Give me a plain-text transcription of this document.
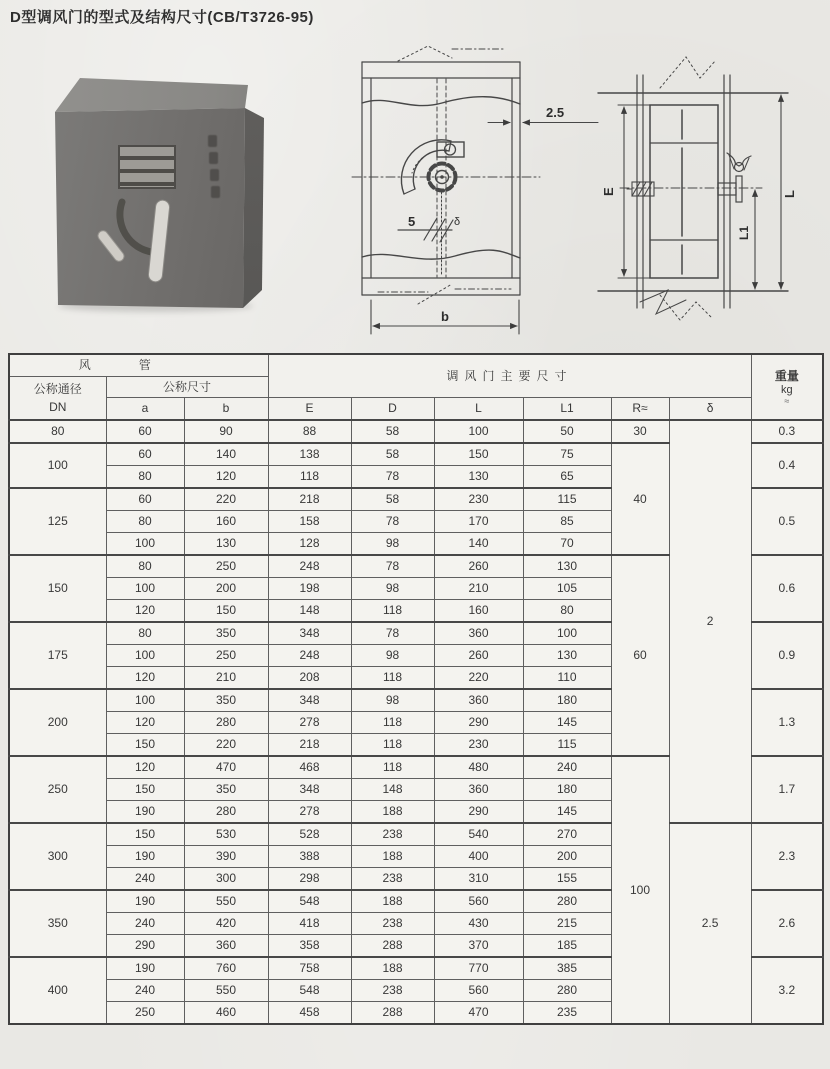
D型调风门的型式及结构尺寸(CB/T3726-95)
2.5
5	δ
b
E	L
L1
风管			调风门主要尺寸						重量
kg
≈

公称通径
DN	公称尺寸								
	a	b	E	D	L	L1	R≈	δ	
80	60	90	88	58	100	50	30	2	0.3
100	60	140	138	58	150	75	40		0.4
	80	120	118	78	130	65			
125	60	220	218	58	230	115			0.5
	80	160	158	78	170	85			
	100	130	128	98	140	70			
150	80	250	248	78	260	130	60		0.6
	100	200	198	98	210	105			
	120	150	148	118	160	80			
175	80	350	348	78	360	100			0.9
	100	250	248	98	260	130			
	120	210	208	118	220	110			
200	100	350	348	98	360	180			1.3
	120	280	278	118	290	145			
	150	220	218	118	230	115			
250	120	470	468	118	480	240	100		1.7
	150	350	348	148	360	180			
	190	280	278	188	290	145			
300	150	530	528	238	540	270		2.5	2.3
	190	390	388	188	400	200			
	240	300	298	238	310	155			
350	190	550	548	188	560	280			2.6
	240	420	418	238	430	215			
	290	360	358	288	370	185			
400	190	760	758	188	770	385			3.2
	240	550	548	238	560	280			
	250	460	458	288	470	235			
